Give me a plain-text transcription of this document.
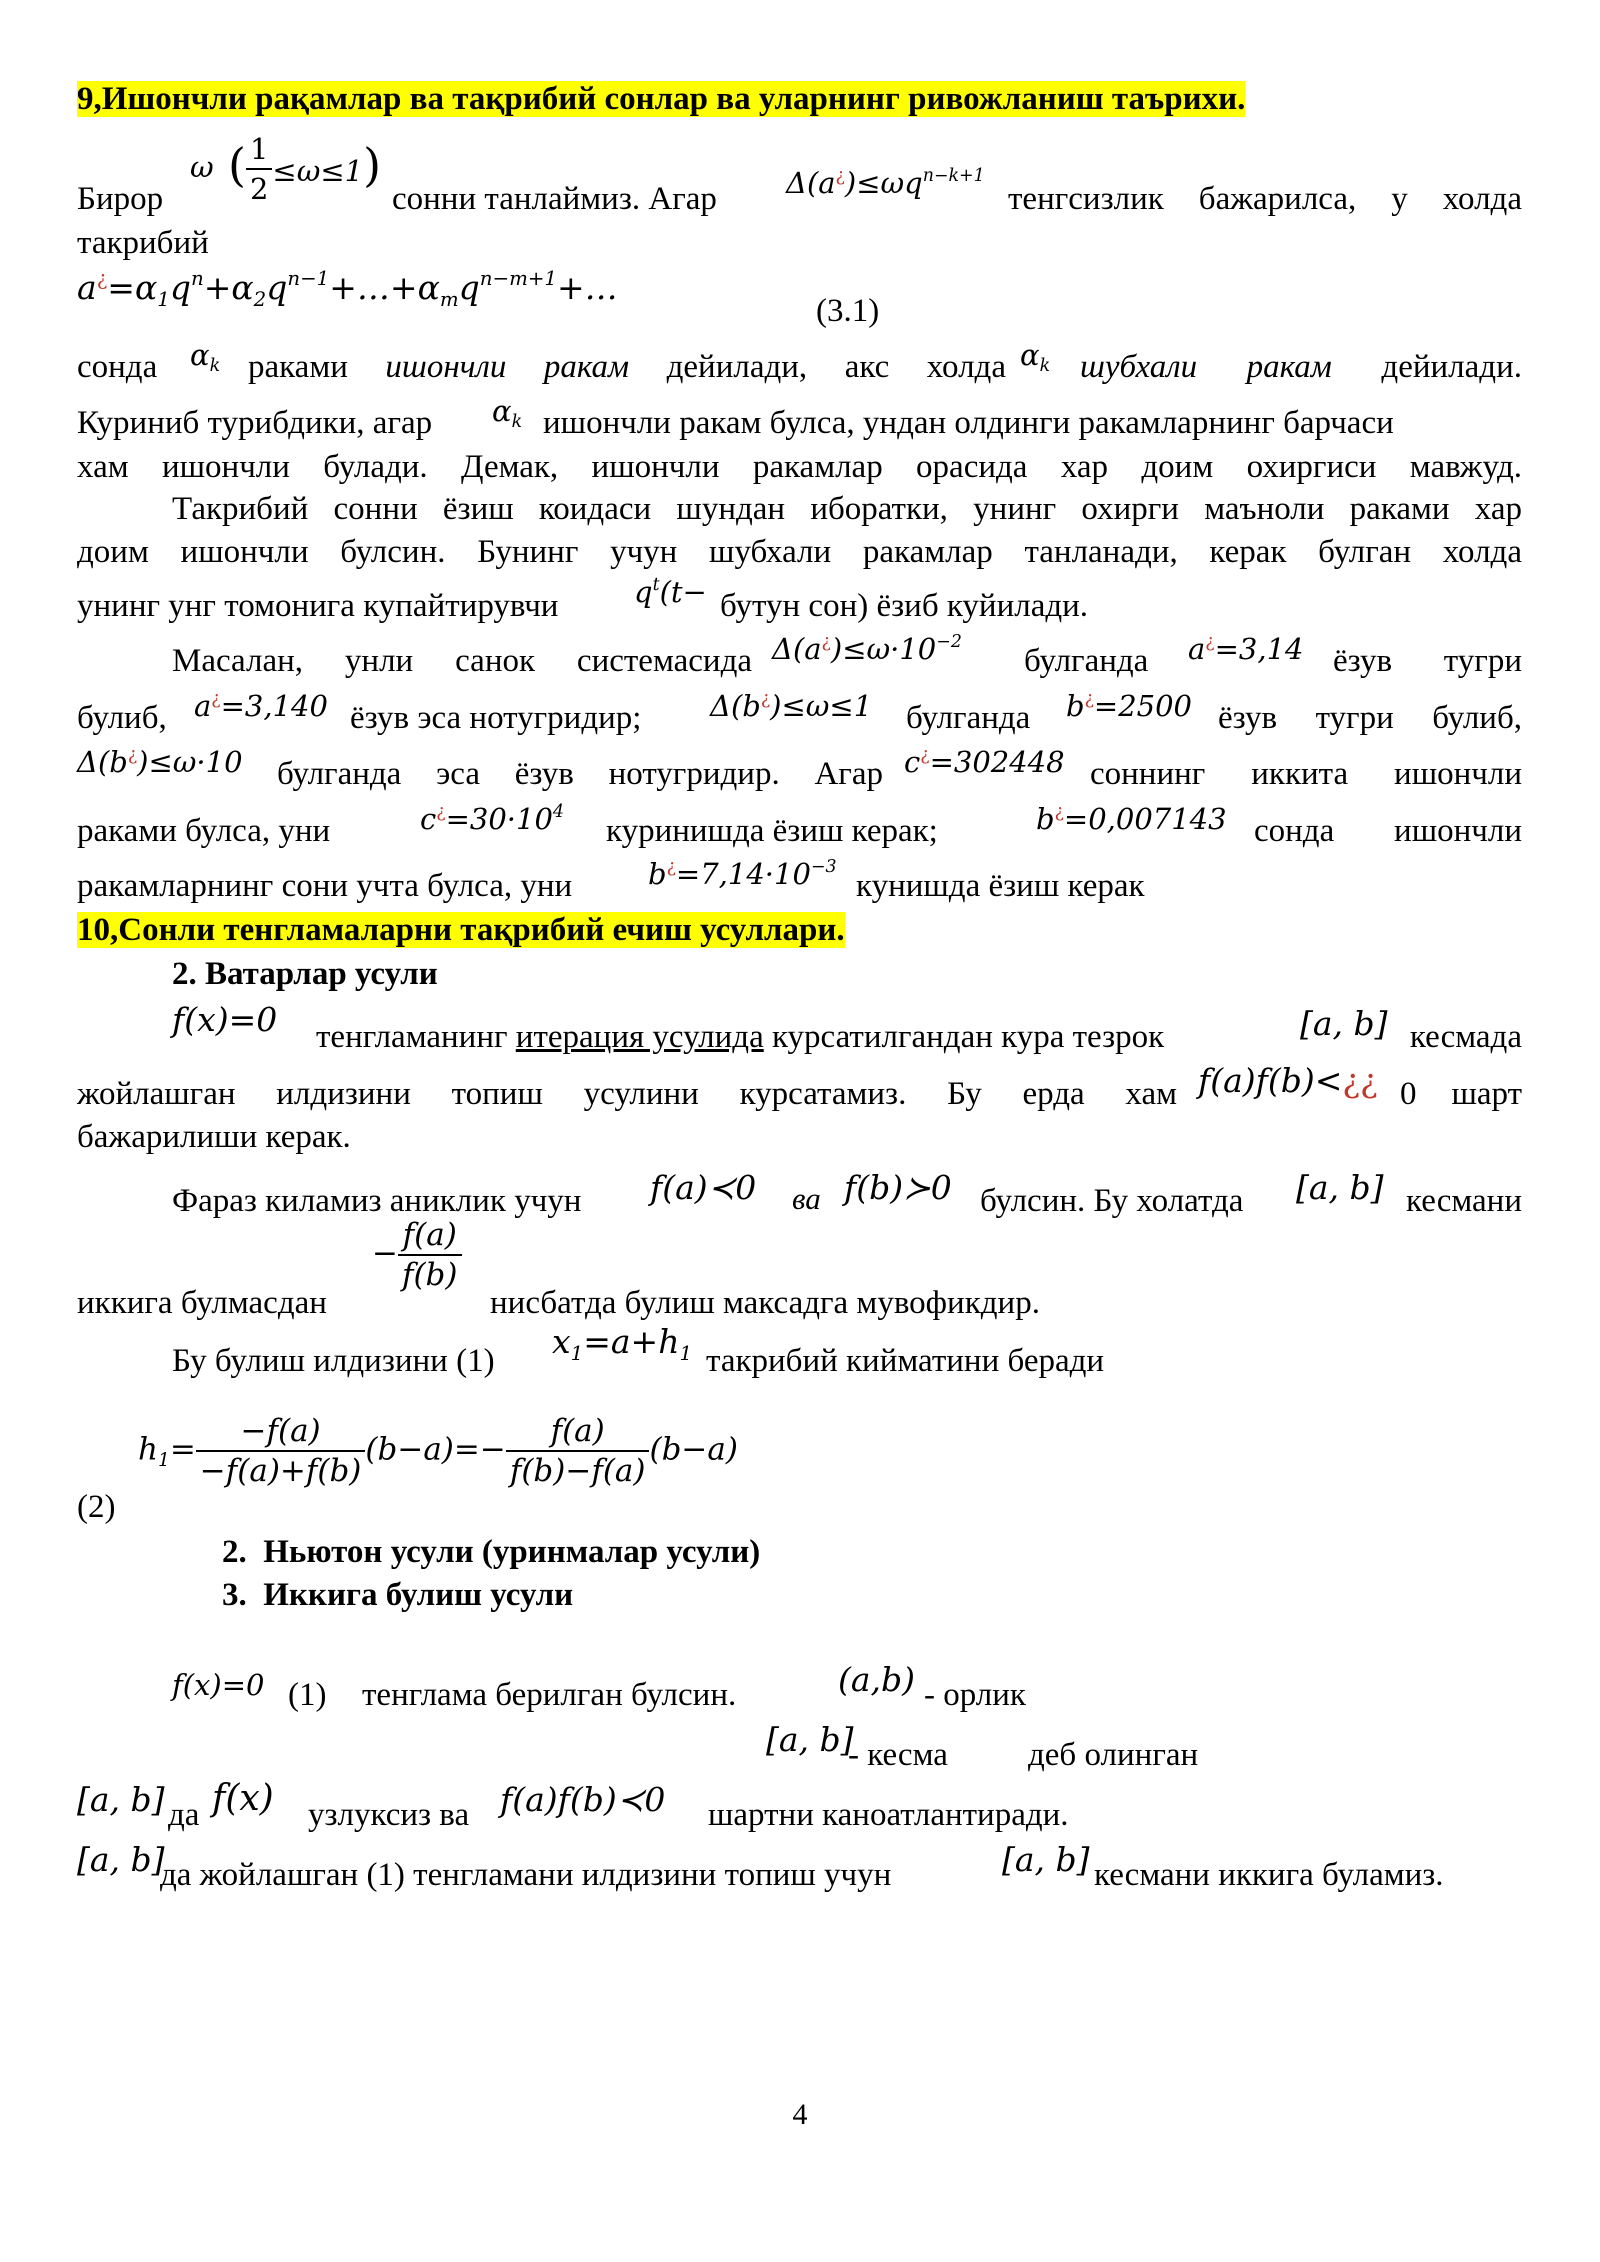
9,Ишончли рақамлар ва тақрибий сонлар ва уларнинг ривожланиш таърихи.
ω ( $\frac{1}{2} \le\omega\le 1$)
Бирор	сонни танлаймиз. Агар $\Delta(a^¿)\le\omega q^{n-k+1}$
тенгсизлик бажарилса, у холда
такрибий
$a^¿=\alpha_1q^n+\alpha_2q^{n-1}+\dots+\alpha_mq^{n-m+1}+\dots$
(3.1)
$\alpha_k$	$\alpha_k$
сонда	раками ишончли ракам дейилади, акс холда шубхали ракам дейилади.
Куриниб турибдики, агар	$\alpha_k$ ишончли ракам булса, ундан олдинги ракамларнинг барчаси
хам ишончли булади. Демак, ишончли ракамлар орасида хар доим охиргиси мавжуд.
Такрибий сонни ёзиш коидаси шундан иборатки, унинг охирги маъноли раками хар
доим ишончли булсин. Бунинг учун шубхали ракамлар танланади, керак булган холда
унинг унг томонига купайтирувчи	$q^t(t-$ бутун сон) ёзиб куйилади.
Масалан, унли санок системасида $\Delta(a^¿)\le\omega\cdot 10^{-2}$
булганда a¿=3,14 ёзув тугри
булиб, a¿=3,140 ёзув эса нотугридир; Δ(b¿)≤ω≤1 булганда b¿=2500 ёзув тугри булиб,
Δ(b¿)≤ω·10 булганда эса ёзув нотугридир. Агар c¿=302448 соннинг иккита ишончли
раками булса, уни	$c^¿=30\cdot 10^4$
куринишда ёзиш керак;	b¿=0,007143 сонда ишончли
ракамларнинг сони учта булса, уни	$b^¿=7,14\cdot 10^{-3}$
кунишда ёзиш керак
10,Сонли тенгламаларни тақрибий ечиш усуллари.
2. Ватарлар усули
f(x)=0 тенгламанинг итерация усулида курсатилгандан кура тезрок	[a, b] кесмада
жойлашган илдизини топиш усулини курсатамиз. Бу ерда хам f(a)f(b)<¿¿ 0 шарт
бажарилиши керак.
Фараз киламиз аниклик учун f(a)≺0 ва f(b)≻0 булсин. Бу холатда [a, b] кесмани
− $\frac{f(a)}{f(b)}$
иккига булмасдан	нисбатда булиш максадга мувофикдир.
Бу булиш илдизини (1) $x_1=a+h_1$ такрибий кийматини беради
$h_1= \frac{-f(a)}{-f(a)+f(b)} (b-a)=- \frac{f(a)}{f(b)-f(a)} (b-a)$
(2)
2. Ньютон усули (уринмалар усули)
3. Иккига булиш усули
f(x)=0 (1) тенглама берилган булсин.	(a,b) - орлик
[a, b]
- кесма деб олинган
[a, b] да f(x) узлуксиз ва f(a)f(b)≺0 шартни каноатлантиради.
[a, b]
да жойлашган (1) тенгламани илдизини топиш учун	[a, b] кесмани иккига буламиз.
4
